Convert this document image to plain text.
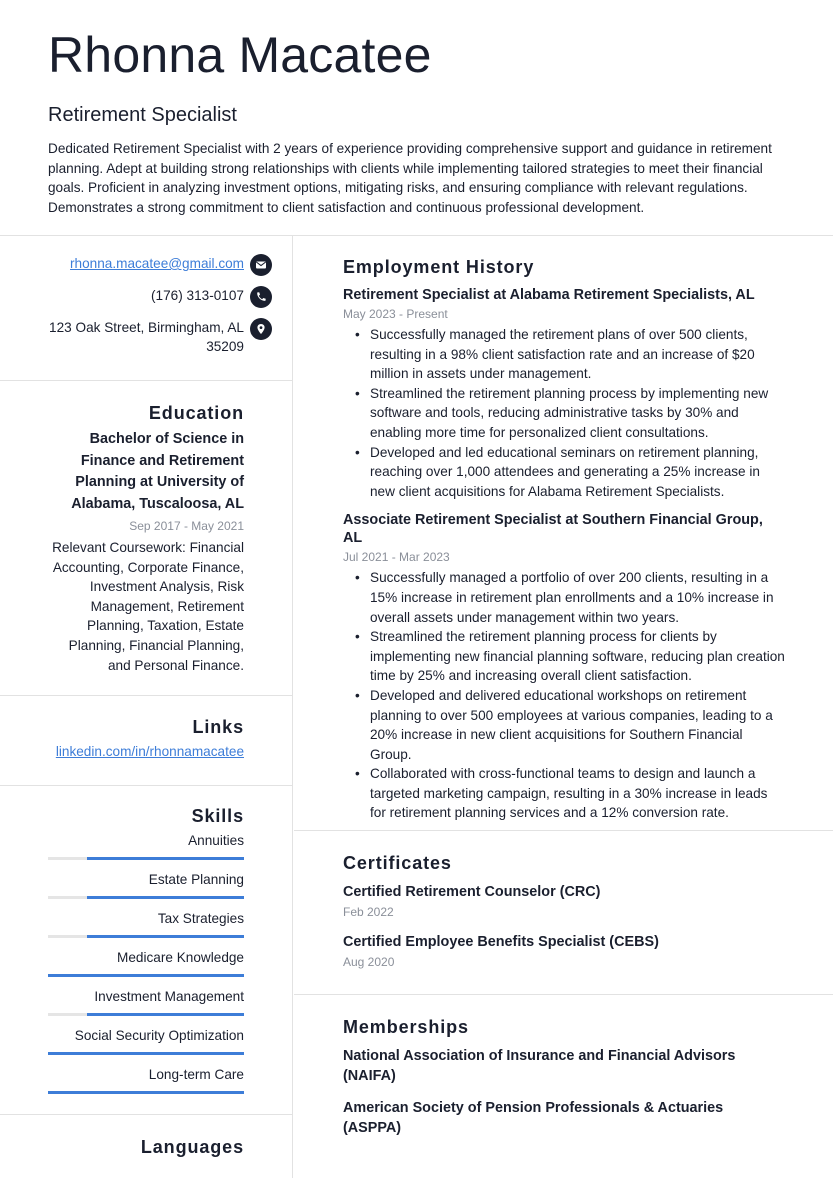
Rhonna Macatee
Retirement Specialist

Dedicated Retirement Specialist with 2 years of experience providing comprehensive support and guidance in retirement planning. Adept at building strong relationships with clients while implementing tailored strategies to meet their financial goals. Proficient in analyzing investment options, mitigating risks, and ensuring compliance with relevant regulations. Demonstrates a strong commitment to client satisfaction and continuous professional development.

rhonna.macatee@gmail.com
(176) 313-0107
123 Oak Street, Birmingham, AL
35209
Education
Bachelor of Science in Finance and Retirement Planning at University of Alabama, Tuscaloosa, AL
Sep 2017 - May 2021
Relevant Coursework: Financial Accounting, Corporate Finance, Investment Analysis, Risk Management, Retirement Planning, Taxation, Estate Planning, Financial Planning, and Personal Finance.
Links
linkedin.com/in/rhonnamacatee
Skills
Annuities
Estate Planning
Tax Strategies
Medicare Knowledge
Investment Management
Social Security Optimization
Long-term Care
Languages
Employment History
Retirement Specialist at Alabama Retirement Specialists, AL
May 2023 - Present
• Successfully managed the retirement plans of over 500 clients, resulting in a 98% client satisfaction rate and an increase of $20 million in assets under management.
• Streamlined the retirement planning process by implementing new software and tools, reducing administrative tasks by 30% and enabling more time for personalized client consultations.
• Developed and led educational seminars on retirement planning, reaching over 1,000 attendees and generating a 25% increase in new client acquisitions for Alabama Retirement Specialists.
Associate Retirement Specialist at Southern Financial Group, AL
Jul 2021 - Mar 2023
• Successfully managed a portfolio of over 200 clients, resulting in a 15% increase in retirement plan enrollments and a 10% increase in overall assets under management within two years.
• Streamlined the retirement planning process for clients by implementing new financial planning software, reducing plan creation time by 25% and increasing overall client satisfaction.
• Developed and delivered educational workshops on retirement planning to over 500 employees at various companies, leading to a 20% increase in new client acquisitions for Southern Financial Group.
• Collaborated with cross-functional teams to design and launch a targeted marketing campaign, resulting in a 30% increase in leads for retirement planning services and a 12% conversion rate.
Certificates
Certified Retirement Counselor (CRC)
Feb 2022
Certified Employee Benefits Specialist (CEBS)
Aug 2020
Memberships
National Association of Insurance and Financial Advisors (NAIFA)
American Society of Pension Professionals & Actuaries (ASPPA)
